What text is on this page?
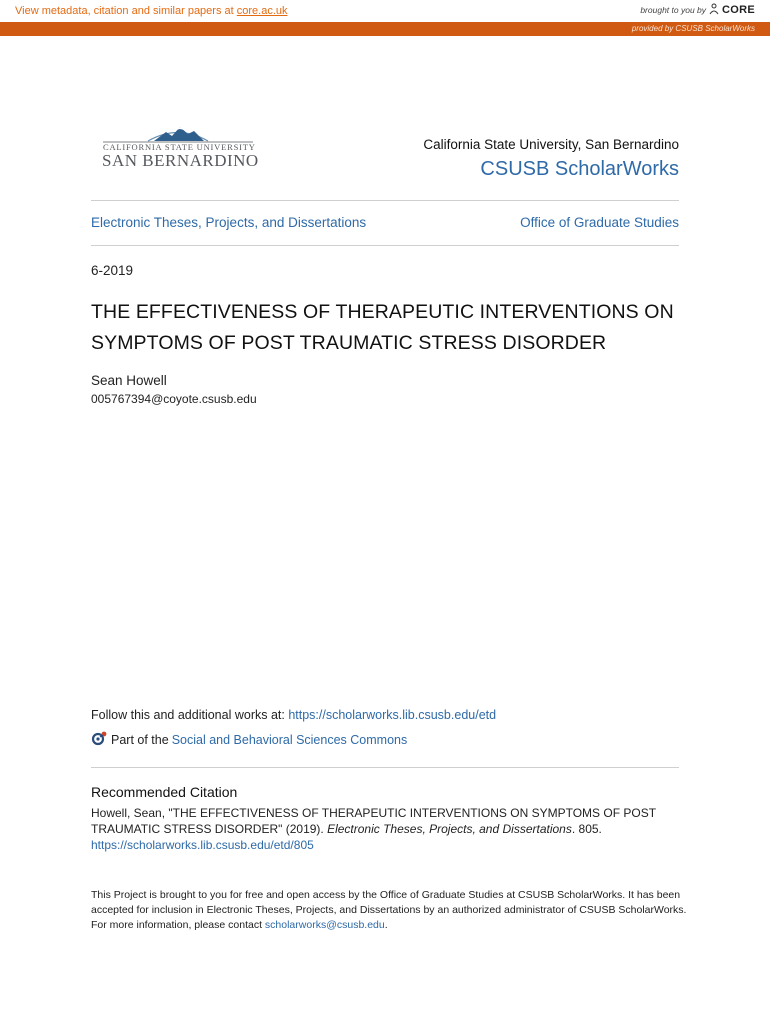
View metadata, citation and similar papers at core.ac.uk	brought to you by CORE
provided by CSUSB ScholarWorks
CALIFORNIA STATE UNIVERSITY
SAN BERNARDINO
California State University, San Bernardino
CSUSB ScholarWorks
Electronic Theses, Projects, and Dissertations	Office of Graduate Studies
6-2019
THE EFFECTIVENESS OF THERAPEUTIC INTERVENTIONS ON SYMPTOMS OF POST TRAUMATIC STRESS DISORDER
Sean Howell
005767394@coyote.csusb.edu
Follow this and additional works at: https://scholarworks.lib.csusb.edu/etd
Part of the Social and Behavioral Sciences Commons
Recommended Citation
Howell, Sean, "THE EFFECTIVENESS OF THERAPEUTIC INTERVENTIONS ON SYMPTOMS OF POST TRAUMATIC STRESS DISORDER" (2019). Electronic Theses, Projects, and Dissertations. 805.
https://scholarworks.lib.csusb.edu/etd/805
This Project is brought to you for free and open access by the Office of Graduate Studies at CSUSB ScholarWorks. It has been accepted for inclusion in Electronic Theses, Projects, and Dissertations by an authorized administrator of CSUSB ScholarWorks. For more information, please contact scholarworks@csusb.edu.
